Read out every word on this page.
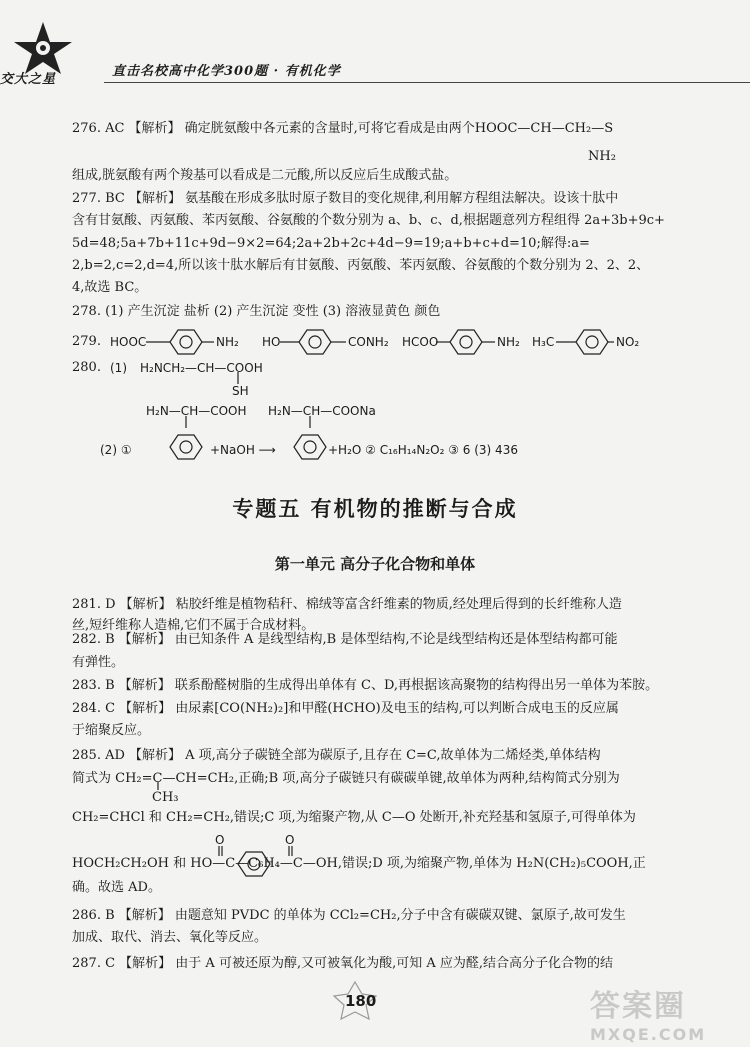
交大之星
直击名校高中化学300题 · 有机化学
276. AC 【解析】 确定胱氨酸中各元素的含量时,可将它看成是由两个HOOC—CH—CH₂—S
NH₂
组成,胱氨酸有两个羧基可以看成是二元酸,所以反应后生成酸式盐。
277. BC 【解析】 氨基酸在形成多肽时原子数目的变化规律,利用解方程组法解决。设该十肽中
含有甘氨酸、丙氨酸、苯丙氨酸、谷氨酸的个数分别为 a、b、c、d,根据题意列方程组得 2a+3b+9c+
5d=48;5a+7b+11c+9d−9×2=64;2a+2b+2c+4d−9=19;a+b+c+d=10;解得:a=
2,b=2,c=2,d=4,所以该十肽水解后有甘氨酸、丙氨酸、苯丙氨酸、谷氨酸的个数分别为 2、2、2、
4,故选 BC。
278. (1) 产生沉淀 盐析 (2) 产生沉淀 变性 (3) 溶液显黄色 颜色
279. HOOC	NH₂ HO	CONH₂ HCOO	NH₂ H₃C	NO₂
280. (1) H₂NCH₂—CH—COOH
SH
H₂N—CH—COOH H₂N—CH—COONa
(2) ①	+NaOH ⟶	+H₂O ② C₁₆H₁₄N₂O₂ ③ 6 (3) 436
专题五 有机物的推断与合成
第一单元 高分子化合物和单体
281. D 【解析】 粘胶纤维是植物秸秆、棉绒等富含纤维素的物质,经处理后得到的长纤维称人造
丝,短纤维称人造棉,它们不属于合成材料。
282. B 【解析】 由已知条件 A 是线型结构,B 是体型结构,不论是线型结构还是体型结构都可能
有弹性。
283. B 【解析】 联系酚醛树脂的生成得出单体有 C、D,再根据该高聚物的结构得出另一单体为苯胺。
284. C 【解析】 由尿素[CO(NH₂)₂]和甲醛(HCHO)及电玉的结构,可以判断合成电玉的反应属
于缩聚反应。
285. AD 【解析】 A 项,高分子碳链全部为碳原子,且存在 C=C,故单体为二烯烃类,单体结构
简式为 CH₂=C—CH=CH₂,正确;B 项,高分子碳链只有碳碳单键,故单体为两种,结构简式分别为
CH₃
CH₂=CHCl 和 CH₂=CH₂,错误;C 项,为缩聚产物,从 C—O 处断开,补充羟基和氢原子,可得单体为
O	O
HOCH₂CH₂OH 和 HO—C—C₆H₄—C—OH,错误;D 项,为缩聚产物,单体为 H₂N(CH₂)₅COOH,正
确。故选 AD。
286. B 【解析】 由题意知 PVDC 的单体为 CCl₂=CH₂,分子中含有碳碳双键、氯原子,故可发生
加成、取代、消去、氧化等反应。
287. C 【解析】 由于 A 可被还原为醇,又可被氧化为酸,可知 A 应为醛,结合高分子化合物的结
180	答案圈
MXQE.COM
